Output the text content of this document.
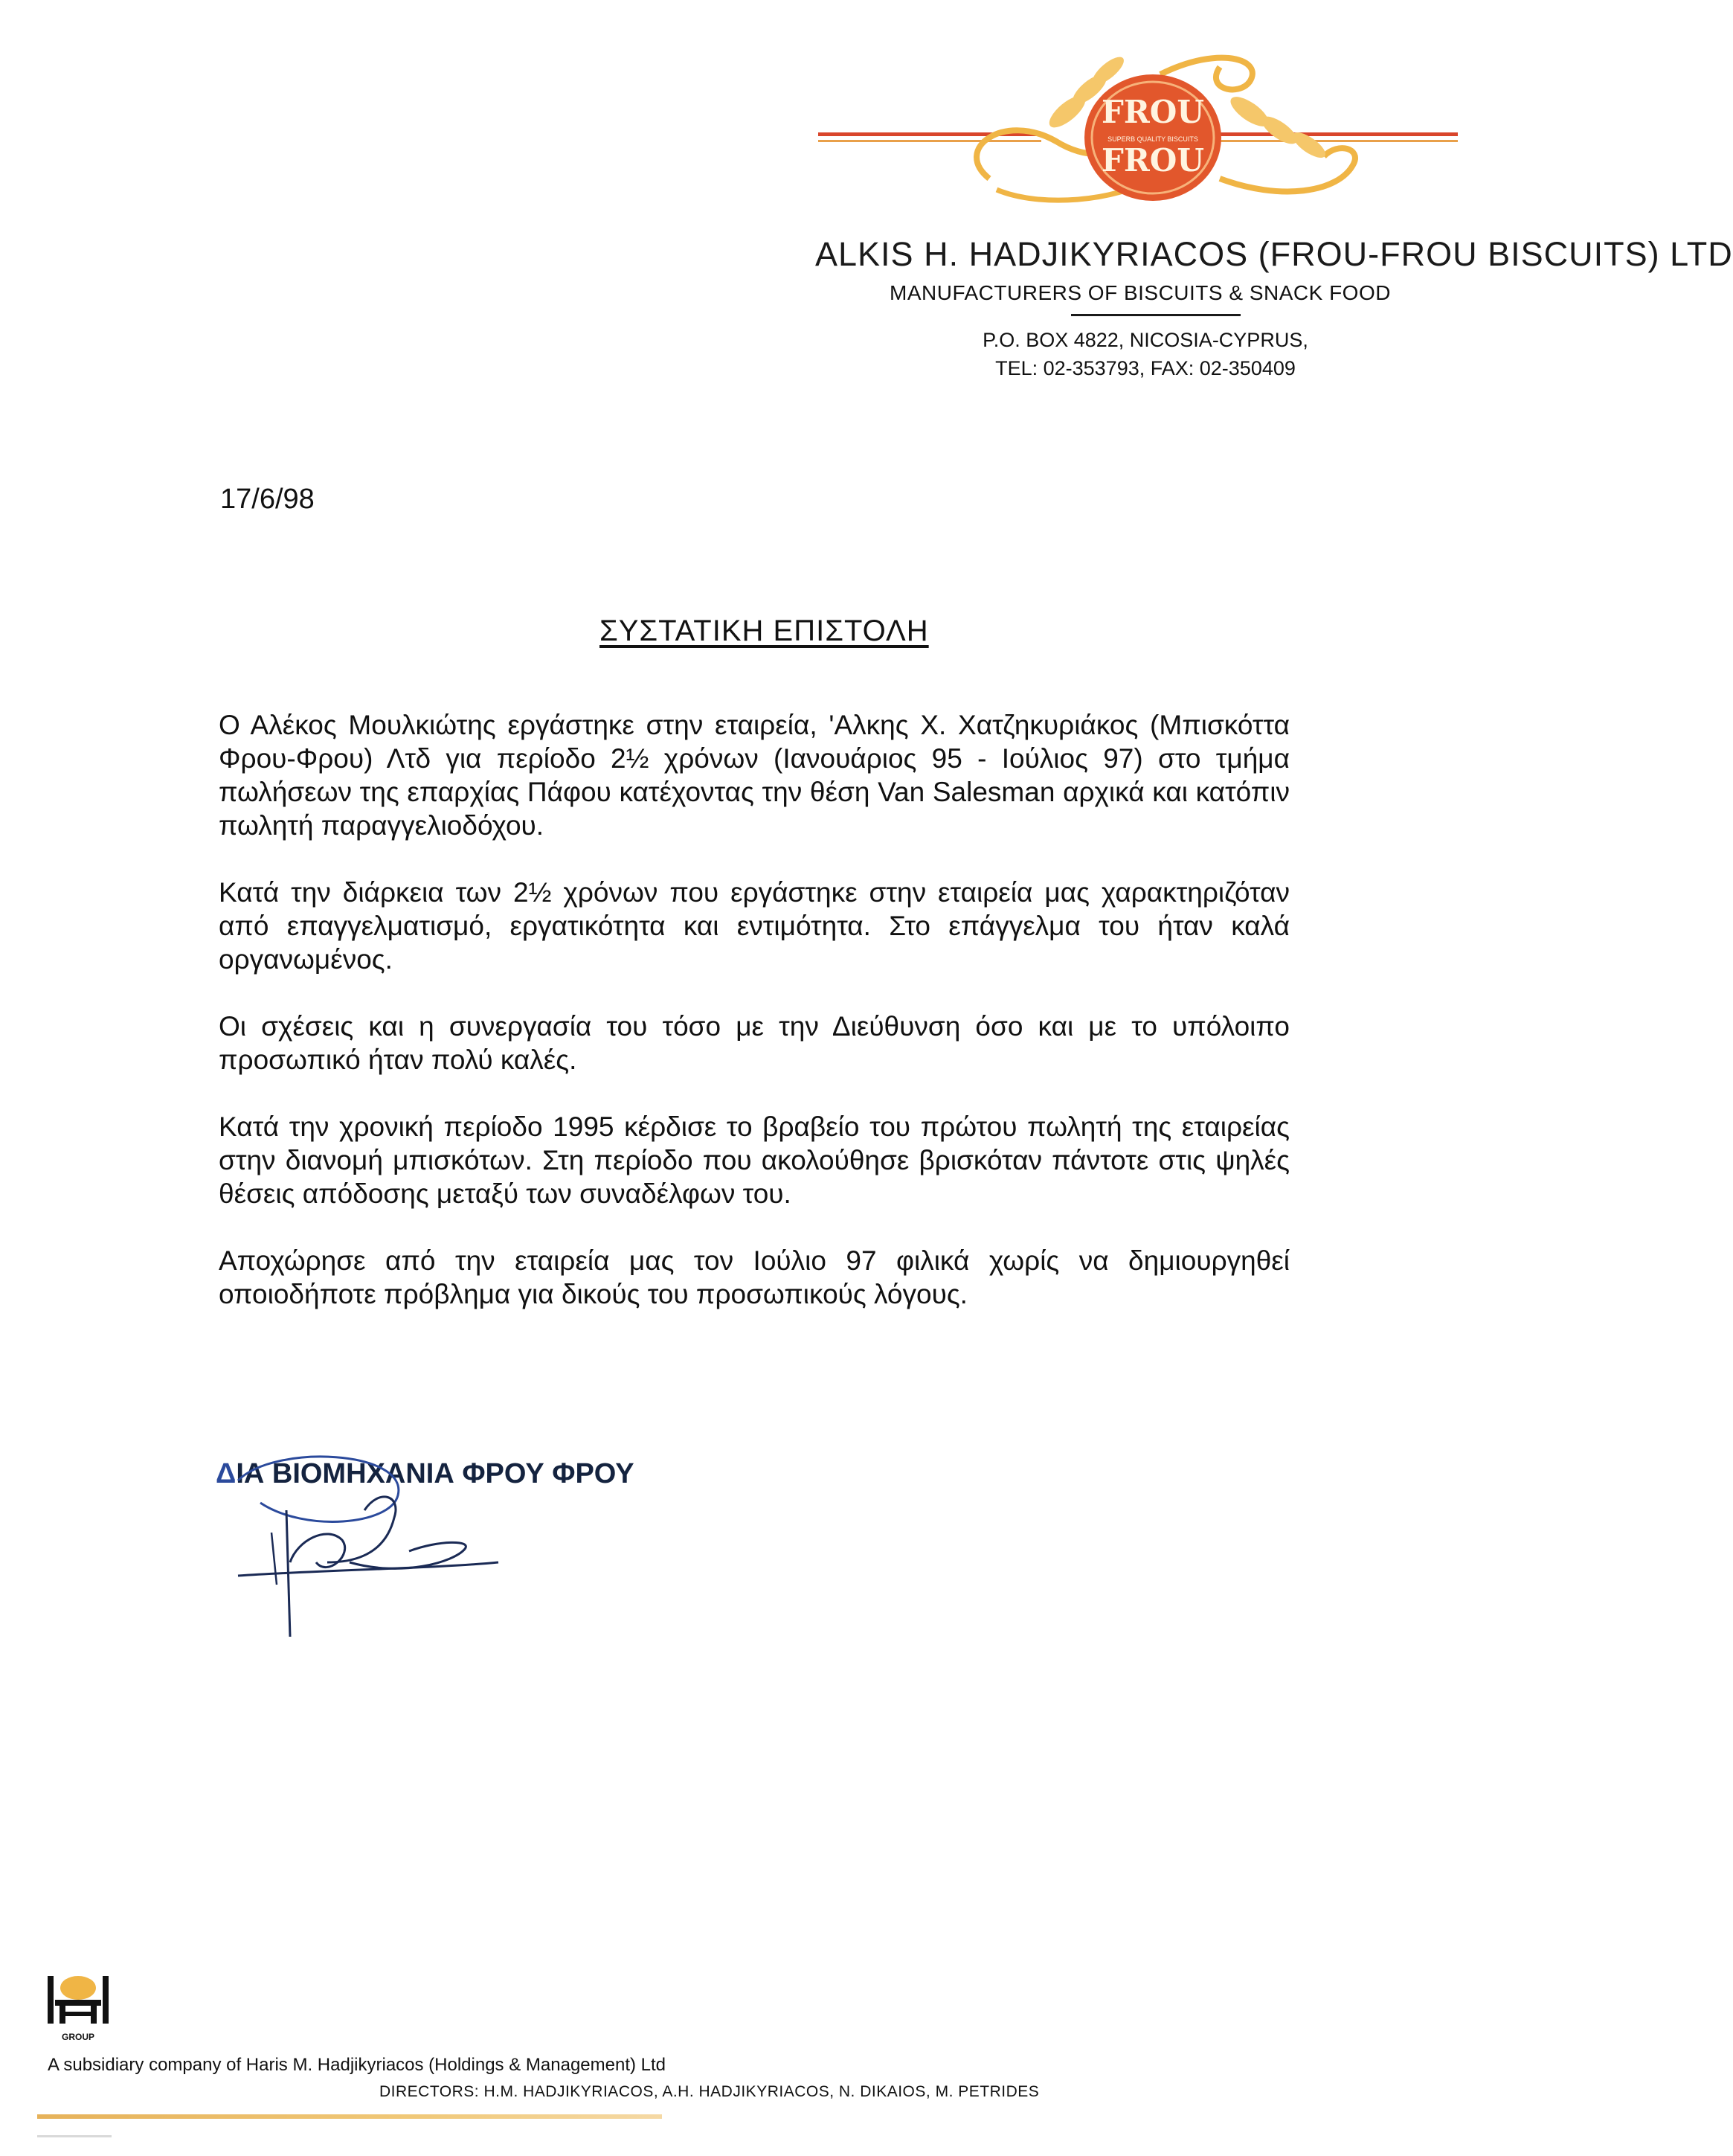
FROU
SUPERB QUALITY BISCUITS
FROU
ALKIS H. HADJIKYRIACOS (FROU-FROU BISCUITS) LTD
MANUFACTURERS OF BISCUITS & SNACK FOOD
P.O. BOX 4822, NICOSIA-CYPRUS,
TEL: 02-353793, FAX: 02-350409
17/6/98
ΣΥΣΤΑΤΙΚΗ ΕΠΙΣΤΟΛΗ

Ο Αλέκος Μουλκιώτης εργάστηκε στην εταιρεία, 'Αλκης Χ. Χατζηκυριάκος (Μπισκόττα Φρου-Φρου) Λτδ για περίοδο 2½ χρόνων (Ιανουάριος 95 - Ιούλιος 97) στο τμήμα πωλήσεων της επαρχίας Πάφου κατέχοντας την θέση Van Salesman αρχικά και κατόπιν πωλητή παραγγελιοδόχου.

Κατά την διάρκεια των 2½ χρόνων που εργάστηκε στην εταιρεία μας χαρακτηριζόταν από επαγγελματισμό, εργατικότητα και εντιμότητα. Στο επάγγελμα του ήταν καλά οργανωμένος.

Οι σχέσεις και η συνεργασία του τόσο με την Διεύθυνση όσο και με το υπόλοιπο προσωπικό ήταν πολύ καλές.

Κατά την χρονική περίοδο 1995 κέρδισε το βραβείο του πρώτου πωλητή της εταιρείας στην διανομή μπισκότων. Στη περίοδο που ακολούθησε βρισκόταν πάντοτε στις ψηλές θέσεις απόδοσης μεταξύ των συναδέλφων του.

Αποχώρησε από την εταιρεία μας τον Ιούλιο 97 φιλικά χωρίς να δημιουργηθεί οποιοδήποτε πρόβλημα για δικούς του προσωπικούς λόγους.

ΔΙΑ ΒΙΟΜΗΧΑΝΙΑ ΦΡΟΥ ΦΡΟΥ
GROUP
A subsidiary company of Haris M. Hadjikyriacos (Holdings & Management) Ltd
DIRECTORS: H.M. HADJIKYRIACOS, A.H. HADJIKYRIACOS, N. DIKAIOS, M. PETRIDES
